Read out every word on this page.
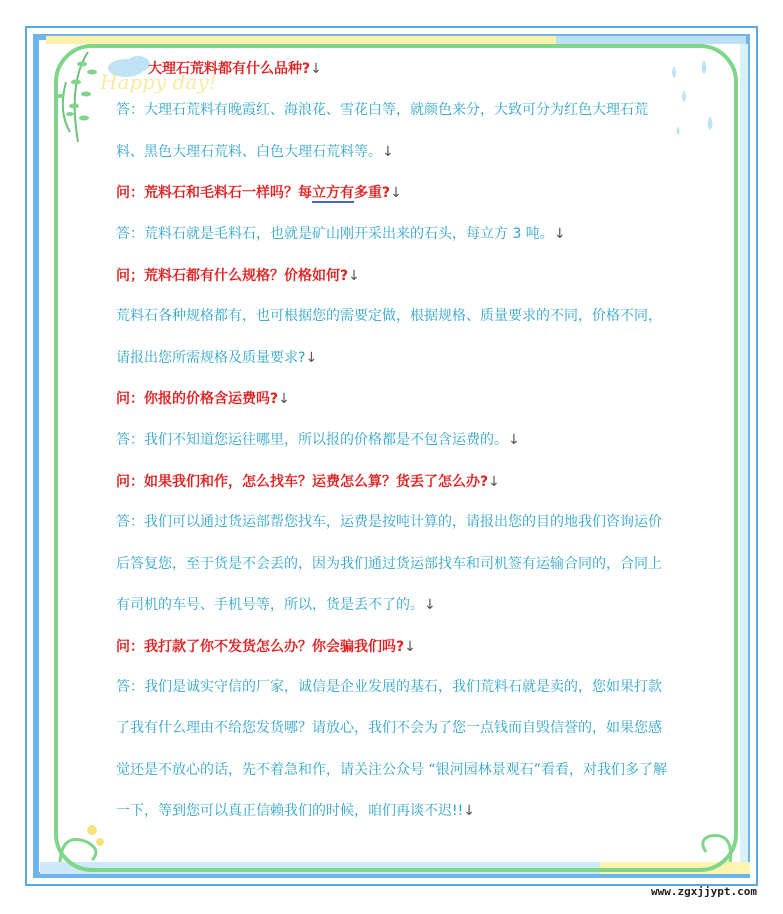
Happy day!

大理石荒料都有什么品种?↓

答：大理石荒料有晚霞红、海浪花、雪花白等，就颜色来分，大致可分为红色大理石荒料、黑色大理石荒料、白色大理石荒料等。↓

问：荒料石和毛料石一样吗？每立方有多重?↓

答：荒料石就是毛料石，也就是矿山刚开采出来的石头，每立方 3 吨。↓

问；荒料石都有什么规格？价格如何?↓

荒料石各种规格都有，也可根据您的需要定做，根据规格、质量要求的不同，价格不同，请报出您所需规格及质量要求?↓

问：你报的价格含运费吗?↓

答：我们不知道您运往哪里，所以报的价格都是不包含运费的。↓

问：如果我们和作，怎么找车？运费怎么算？货丢了怎么办?↓

答：我们可以通过货运部帮您找车，运费是按吨计算的，请报出您的目的地我们咨询运价后答复您，至于货是不会丢的，因为我们通过货运部找车和司机签有运输合同的，合同上有司机的车号、手机号等，所以，货是丢不了的。↓

问：我打款了你不发货怎么办？你会骗我们吗?↓

答：我们是诚实守信的厂家，诚信是企业发展的基石，我们荒料石就是卖的，您如果打款了我有什么理由不给您发货哪？请放心，我们不会为了您一点钱而自毁信誉的，如果您感觉还是不放心的话，先不着急和作，请关注公众号 “银河园林景观石”看看，对我们多了解一下，等到您可以真正信赖我们的时候，咱们再谈不迟!!↓

www.zgxjjypt.com
